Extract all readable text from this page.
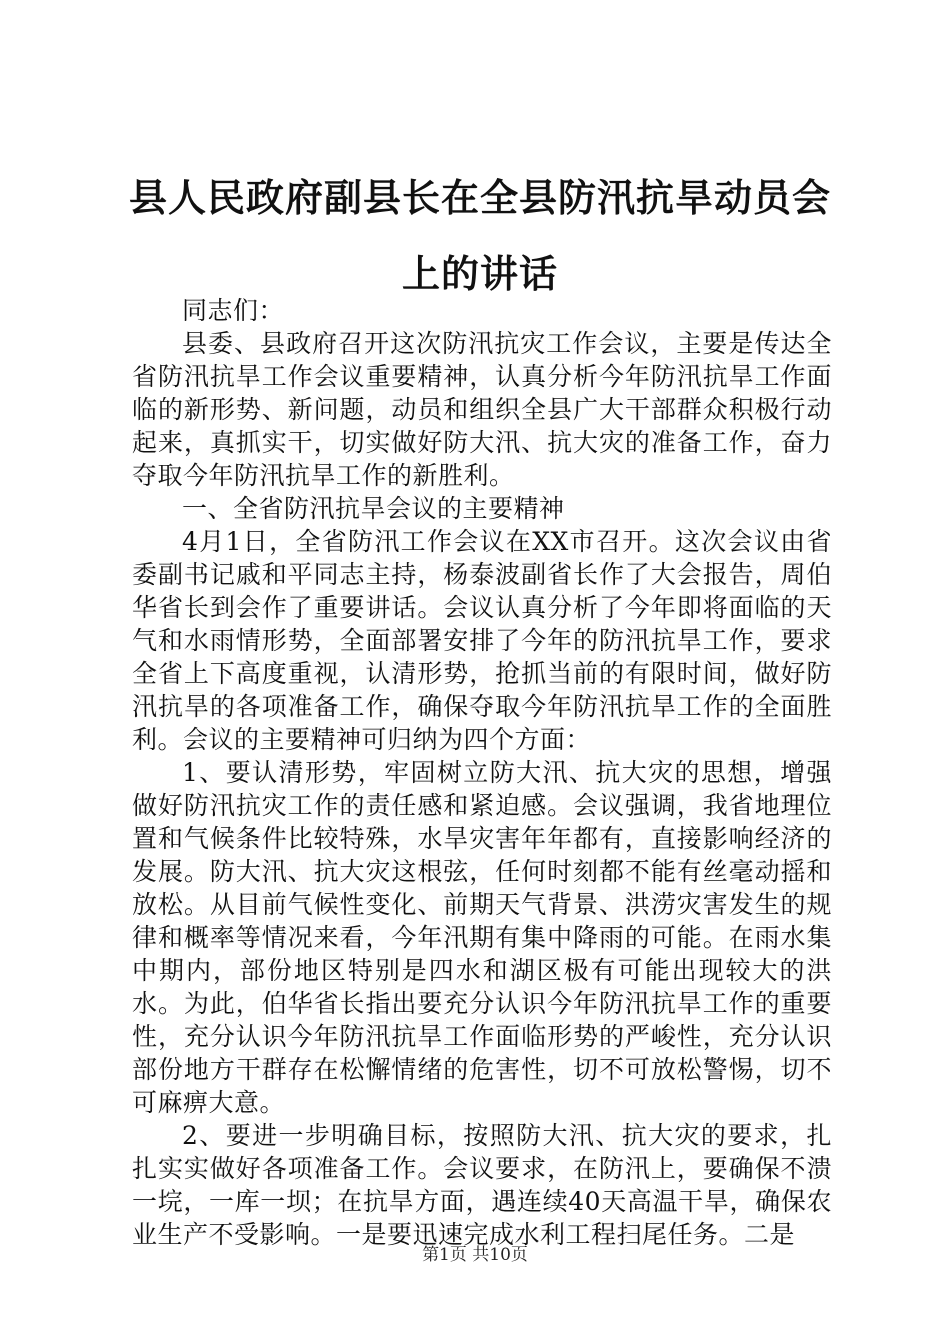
县人民政府副县长在全县防汛抗旱动员会上的讲话

同志们：

县委、县政府召开这次防汛抗灾工作会议，主要是传达全省防汛抗旱工作会议重要精神，认真分析今年防汛抗旱工作面临的新形势、新问题，动员和组织全县广大干部群众积极行动起来，真抓实干，切实做好防大汛、抗大灾的准备工作，奋力夺取今年防汛抗旱工作的新胜利。

一、全省防汛抗旱会议的主要精神

4月1日，全省防汛工作会议在XX市召开。这次会议由省委副书记戚和平同志主持，杨泰波副省长作了大会报告，周伯华省长到会作了重要讲话。会议认真分析了今年即将面临的天气和水雨情形势，全面部署安排了今年的防汛抗旱工作，要求全省上下高度重视，认清形势，抢抓当前的有限时间，做好防汛抗旱的各项准备工作，确保夺取今年防汛抗旱工作的全面胜利。会议的主要精神可归纳为四个方面：

1、要认清形势，牢固树立防大汛、抗大灾的思想，增强做好防汛抗灾工作的责任感和紧迫感。会议强调，我省地理位置和气候条件比较特殊，水旱灾害年年都有，直接影响经济的发展。防大汛、抗大灾这根弦，任何时刻都不能有丝毫动摇和放松。从目前气候性变化、前期天气背景、洪涝灾害发生的规律和概率等情况来看，今年汛期有集中降雨的可能。在雨水集中期内，部份地区特别是四水和湖区极有可能出现较大的洪水。为此，伯华省长指出要充分认识今年防汛抗旱工作的重要性，充分认识今年防汛抗旱工作面临形势的严峻性，充分认识部份地方干群存在松懈情绪的危害性，切不可放松警惕，切不可麻痹大意。

2、要进一步明确目标，按照防大汛、抗大灾的要求，扎扎实实做好各项准备工作。会议要求，在防汛上，要确保不溃一垸，一库一坝；在抗旱方面，遇连续40天高温干旱，确保农业生产不受影响。一是要迅速完成水利工程扫尾任务。二是

第1页 共10页
